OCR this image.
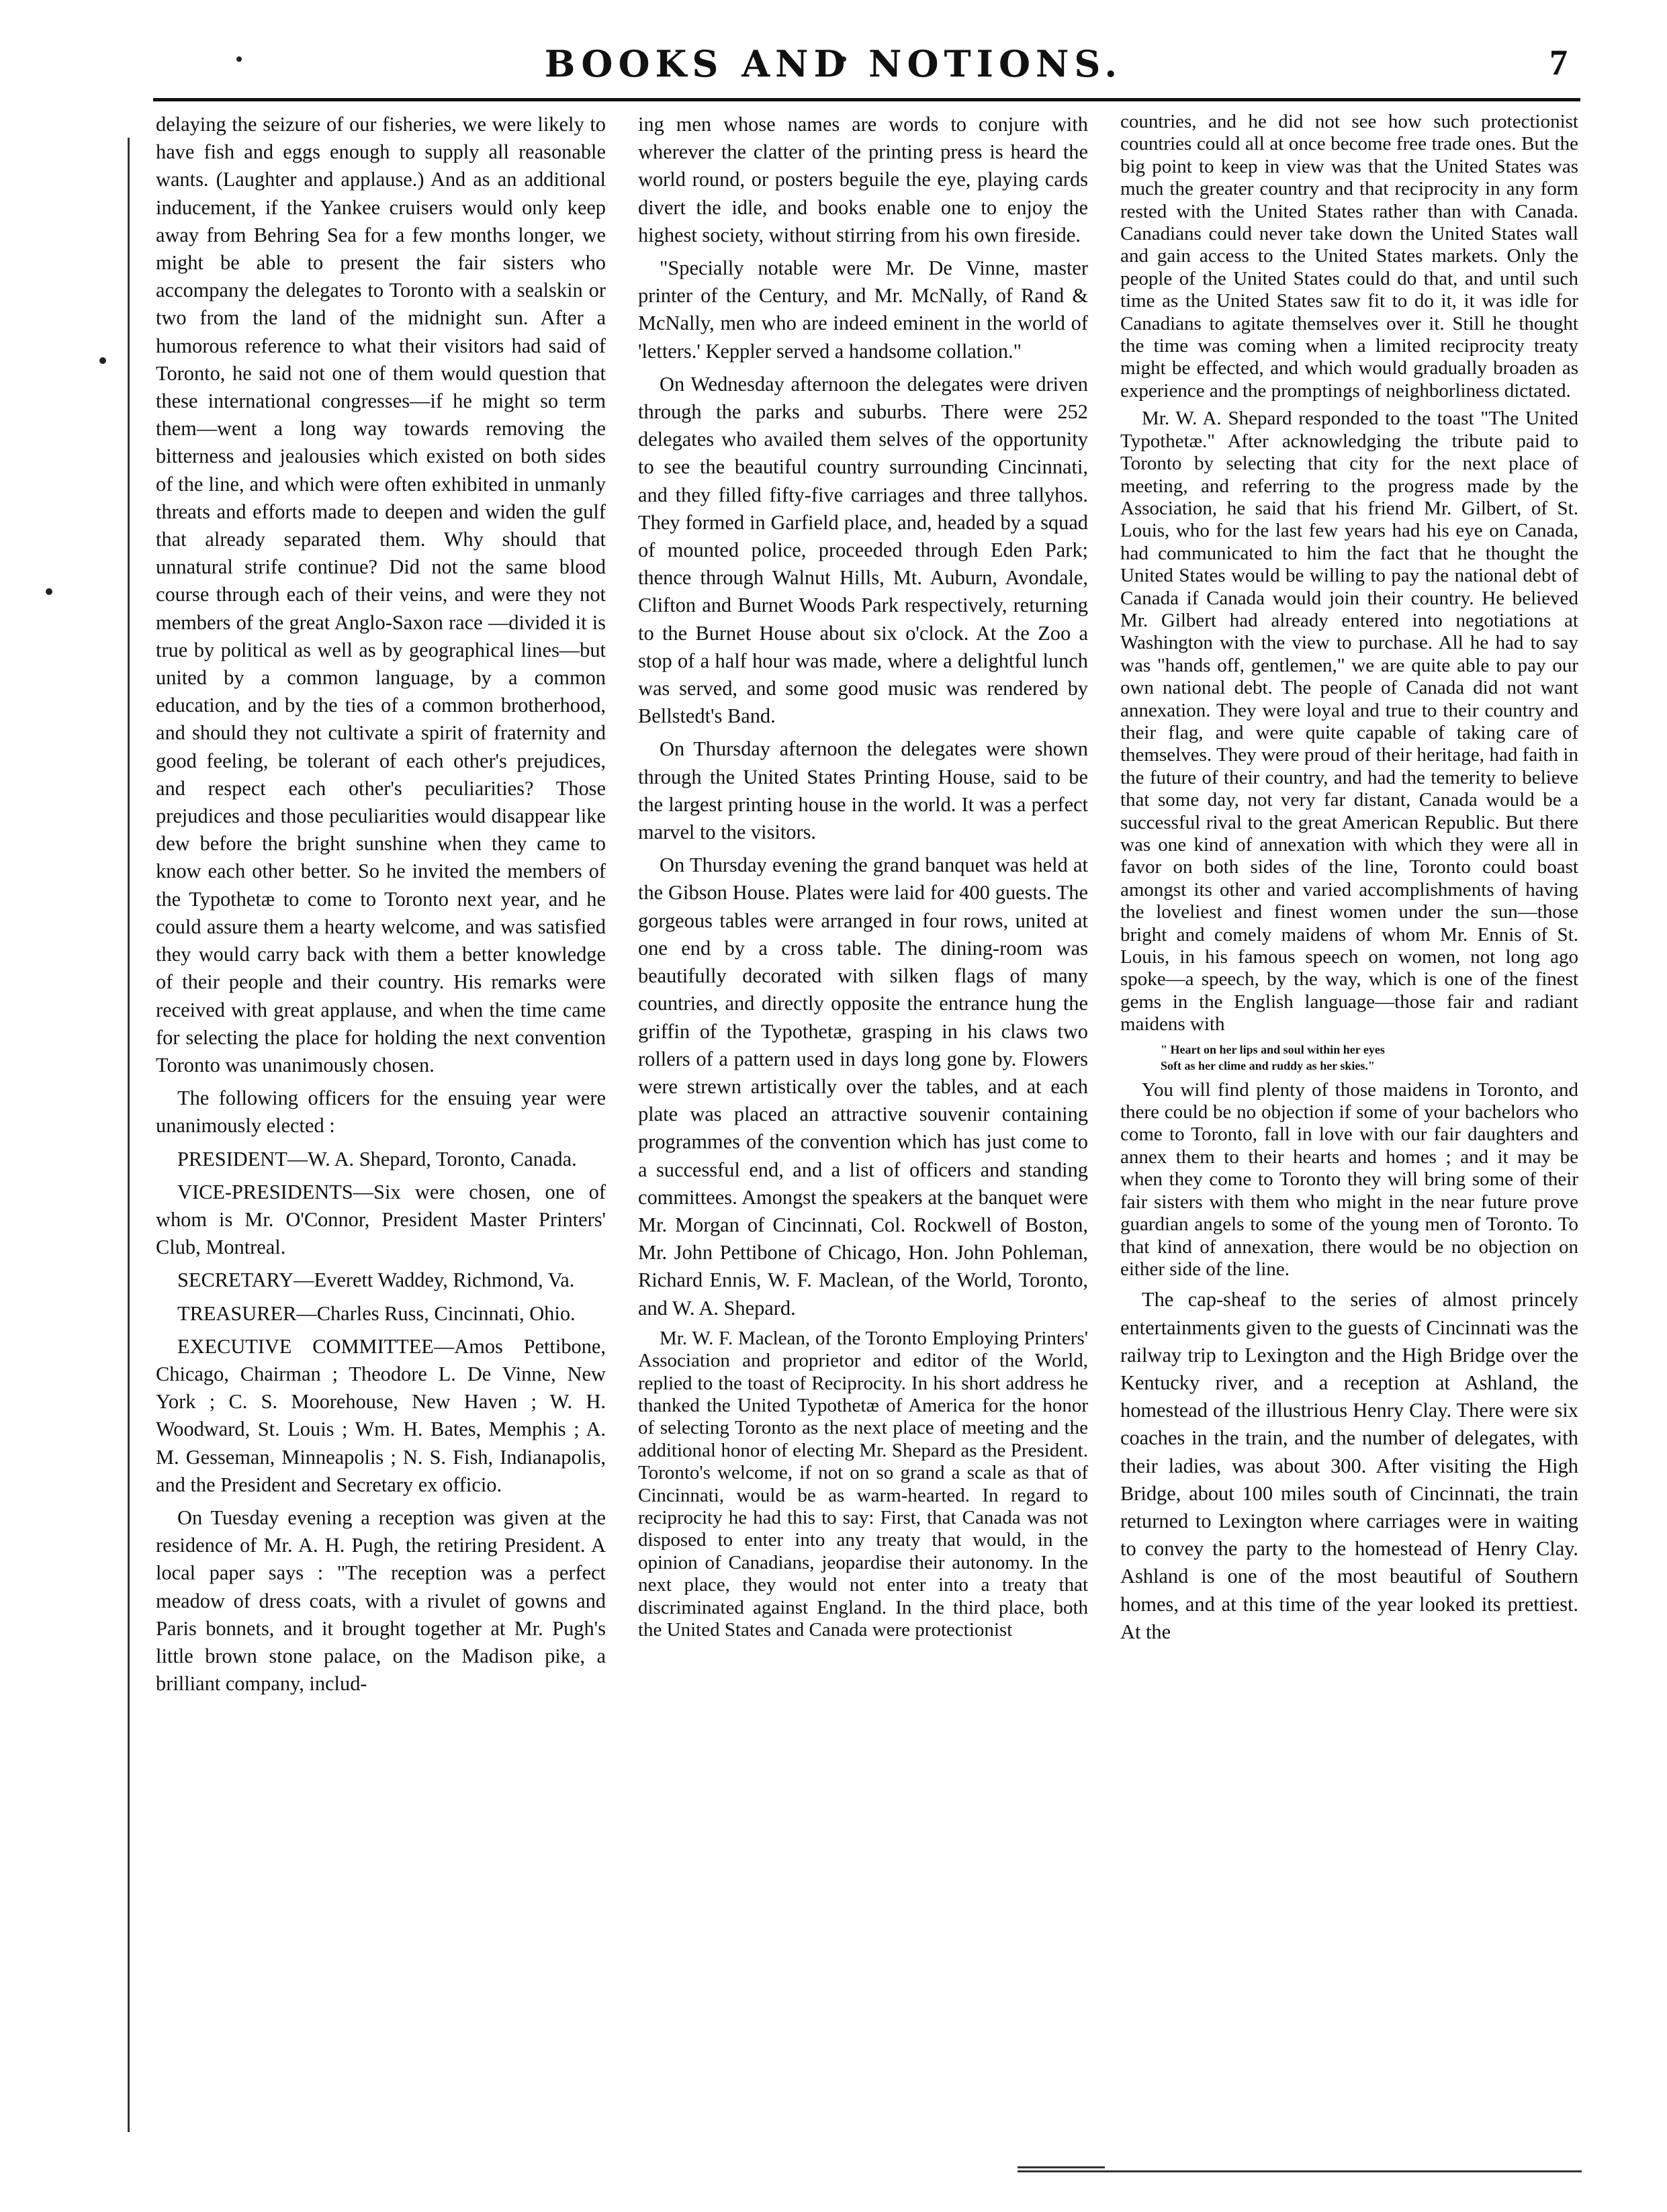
BOOKS AND NOTIONS.	7

delaying the seizure of our fisheries, we were likely to have fish and eggs enough to supply all reasonable wants. (Laughter and applause.) And as an additional inducement, if the Yankee cruisers would only keep away from Behring Sea for a few months longer, we might be able to present the fair sisters who accompany the delegates to Toronto with a sealskin or two from the land of the midnight sun. After a humorous reference to what their visitors had said of Toronto, he said not one of them would question that these international congresses—if he might so term them—went a long way towards removing the bitterness and jealousies which existed on both sides of the line, and which were often exhibited in unmanly threats and efforts made to deepen and widen the gulf that already separated them. Why should that unnatural strife continue? Did not the same blood course through each of their veins, and were they not members of the great Anglo-Saxon race —divided it is true by political as well as by geographical lines—but united by a common language, by a common education, and by the ties of a common brotherhood, and should they not cultivate a spirit of fraternity and good feeling, be tolerant of each other's prejudices, and respect each other's peculiarities? Those prejudices and those peculiarities would disappear like dew before the bright sunshine when they came to know each other better. So he invited the members of the Typothetæ to come to Toronto next year, and he could assure them a hearty welcome, and was satisfied they would carry back with them a better knowledge of their people and their country. His remarks were received with great applause, and when the time came for selecting the place for holding the next convention Toronto was unanimously chosen.

The following officers for the ensuing year were unanimously elected :

PRESIDENT—W. A. Shepard, Toronto, Canada.

VICE-PRESIDENTS—Six were chosen, one of whom is Mr. O'Connor, President Master Printers' Club, Montreal.

SECRETARY—Everett Waddey, Richmond, Va.

TREASURER—Charles Russ, Cincinnati, Ohio.

EXECUTIVE COMMITTEE—Amos Pettibone, Chicago, Chairman ; Theodore L. De Vinne, New York ; C. S. Moorehouse, New Haven ; W. H. Woodward, St. Louis ; Wm. H. Bates, Memphis ; A. M. Gesseman, Minneapolis ; N. S. Fish, Indianapolis, and the President and Secretary ex officio.

On Tuesday evening a reception was given at the residence of Mr. A. H. Pugh, the retiring President. A local paper says : "The reception was a perfect meadow of dress coats, with a rivulet of gowns and Paris bonnets, and it brought together at Mr. Pugh's little brown stone palace, on the Madison pike, a brilliant company, includ-

ing men whose names are words to conjure with wherever the clatter of the printing press is heard the world round, or posters beguile the eye, playing cards divert the idle, and books enable one to enjoy the highest society, without stirring from his own fireside.

"Specially notable were Mr. De Vinne, master printer of the Century, and Mr. McNally, of Rand & McNally, men who are indeed eminent in the world of 'letters.' Keppler served a handsome collation."

On Wednesday afternoon the delegates were driven through the parks and suburbs. There were 252 delegates who availed them selves of the opportunity to see the beautiful country surrounding Cincinnati, and they filled fifty-five carriages and three tallyhos. They formed in Garfield place, and, headed by a squad of mounted police, proceeded through Eden Park; thence through Walnut Hills, Mt. Auburn, Avondale, Clifton and Burnet Woods Park respectively, returning to the Burnet House about six o'clock. At the Zoo a stop of a half hour was made, where a delightful lunch was served, and some good music was rendered by Bellstedt's Band.

On Thursday afternoon the delegates were shown through the United States Printing House, said to be the largest printing house in the world. It was a perfect marvel to the visitors.

On Thursday evening the grand banquet was held at the Gibson House. Plates were laid for 400 guests. The gorgeous tables were arranged in four rows, united at one end by a cross table. The dining-room was beautifully decorated with silken flags of many countries, and directly opposite the entrance hung the griffin of the Typothetæ, grasping in his claws two rollers of a pattern used in days long gone by. Flowers were strewn artistically over the tables, and at each plate was placed an attractive souvenir containing programmes of the convention which has just come to a successful end, and a list of officers and standing committees. Amongst the speakers at the banquet were Mr. Morgan of Cincinnati, Col. Rockwell of Boston, Mr. John Pettibone of Chicago, Hon. John Pohleman, Richard Ennis, W. F. Maclean, of the World, Toronto, and W. A. Shepard.

Mr. W. F. Maclean, of the Toronto Employing Printers' Association and proprietor and editor of the World, replied to the toast of Reciprocity. In his short address he thanked the United Typothetæ of America for the honor of selecting Toronto as the next place of meeting and the additional honor of electing Mr. Shepard as the President. Toronto's welcome, if not on so grand a scale as that of Cincinnati, would be as warm-hearted. In regard to reciprocity he had this to say: First, that Canada was not disposed to enter into any treaty that would, in the opinion of Canadians, jeopardise their autonomy. In the next place, they would not enter into a treaty that discriminated against England. In the third place, both the United States and Canada were protectionist

countries, and he did not see how such protectionist countries could all at once become free trade ones. But the big point to keep in view was that the United States was much the greater country and that reciprocity in any form rested with the United States rather than with Canada. Canadians could never take down the United States wall and gain access to the United States markets. Only the people of the United States could do that, and until such time as the United States saw fit to do it, it was idle for Canadians to agitate themselves over it. Still he thought the time was coming when a limited reciprocity treaty might be effected, and which would gradually broaden as experience and the promptings of neighborliness dictated.

Mr. W. A. Shepard responded to the toast "The United Typothetæ." After acknowledging the tribute paid to Toronto by selecting that city for the next place of meeting, and referring to the progress made by the Association, he said that his friend Mr. Gilbert, of St. Louis, who for the last few years had his eye on Canada, had communicated to him the fact that he thought the United States would be willing to pay the national debt of Canada if Canada would join their country. He believed Mr. Gilbert had already entered into negotiations at Washington with the view to purchase. All he had to say was "hands off, gentlemen," we are quite able to pay our own national debt. The people of Canada did not want annexation. They were loyal and true to their country and their flag, and were quite capable of taking care of themselves. They were proud of their heritage, had faith in the future of their country, and had the temerity to believe that some day, not very far distant, Canada would be a successful rival to the great American Republic. But there was one kind of annexation with which they were all in favor on both sides of the line, Toronto could boast amongst its other and varied accomplishments of having the loveliest and finest women under the sun—those bright and comely maidens of whom Mr. Ennis of St. Louis, in his famous speech on women, not long ago spoke—a speech, by the way, which is one of the finest gems in the English language—those fair and radiant maidens with

" Heart on her lips and soul within her eyes
Soft as her clime and ruddy as her skies."

You will find plenty of those maidens in Toronto, and there could be no objection if some of your bachelors who come to Toronto, fall in love with our fair daughters and annex them to their hearts and homes ; and it may be when they come to Toronto they will bring some of their fair sisters with them who might in the near future prove guardian angels to some of the young men of Toronto. To that kind of annexation, there would be no objection on either side of the line.

The cap-sheaf to the series of almost princely entertainments given to the guests of Cincinnati was the railway trip to Lexington and the High Bridge over the Kentucky river, and a reception at Ashland, the homestead of the illustrious Henry Clay. There were six coaches in the train, and the number of delegates, with their ladies, was about 300. After visiting the High Bridge, about 100 miles south of Cincinnati, the train returned to Lexington where carriages were in waiting to convey the party to the homestead of Henry Clay. Ashland is one of the most beautiful of Southern homes, and at this time of the year looked its prettiest. At the
